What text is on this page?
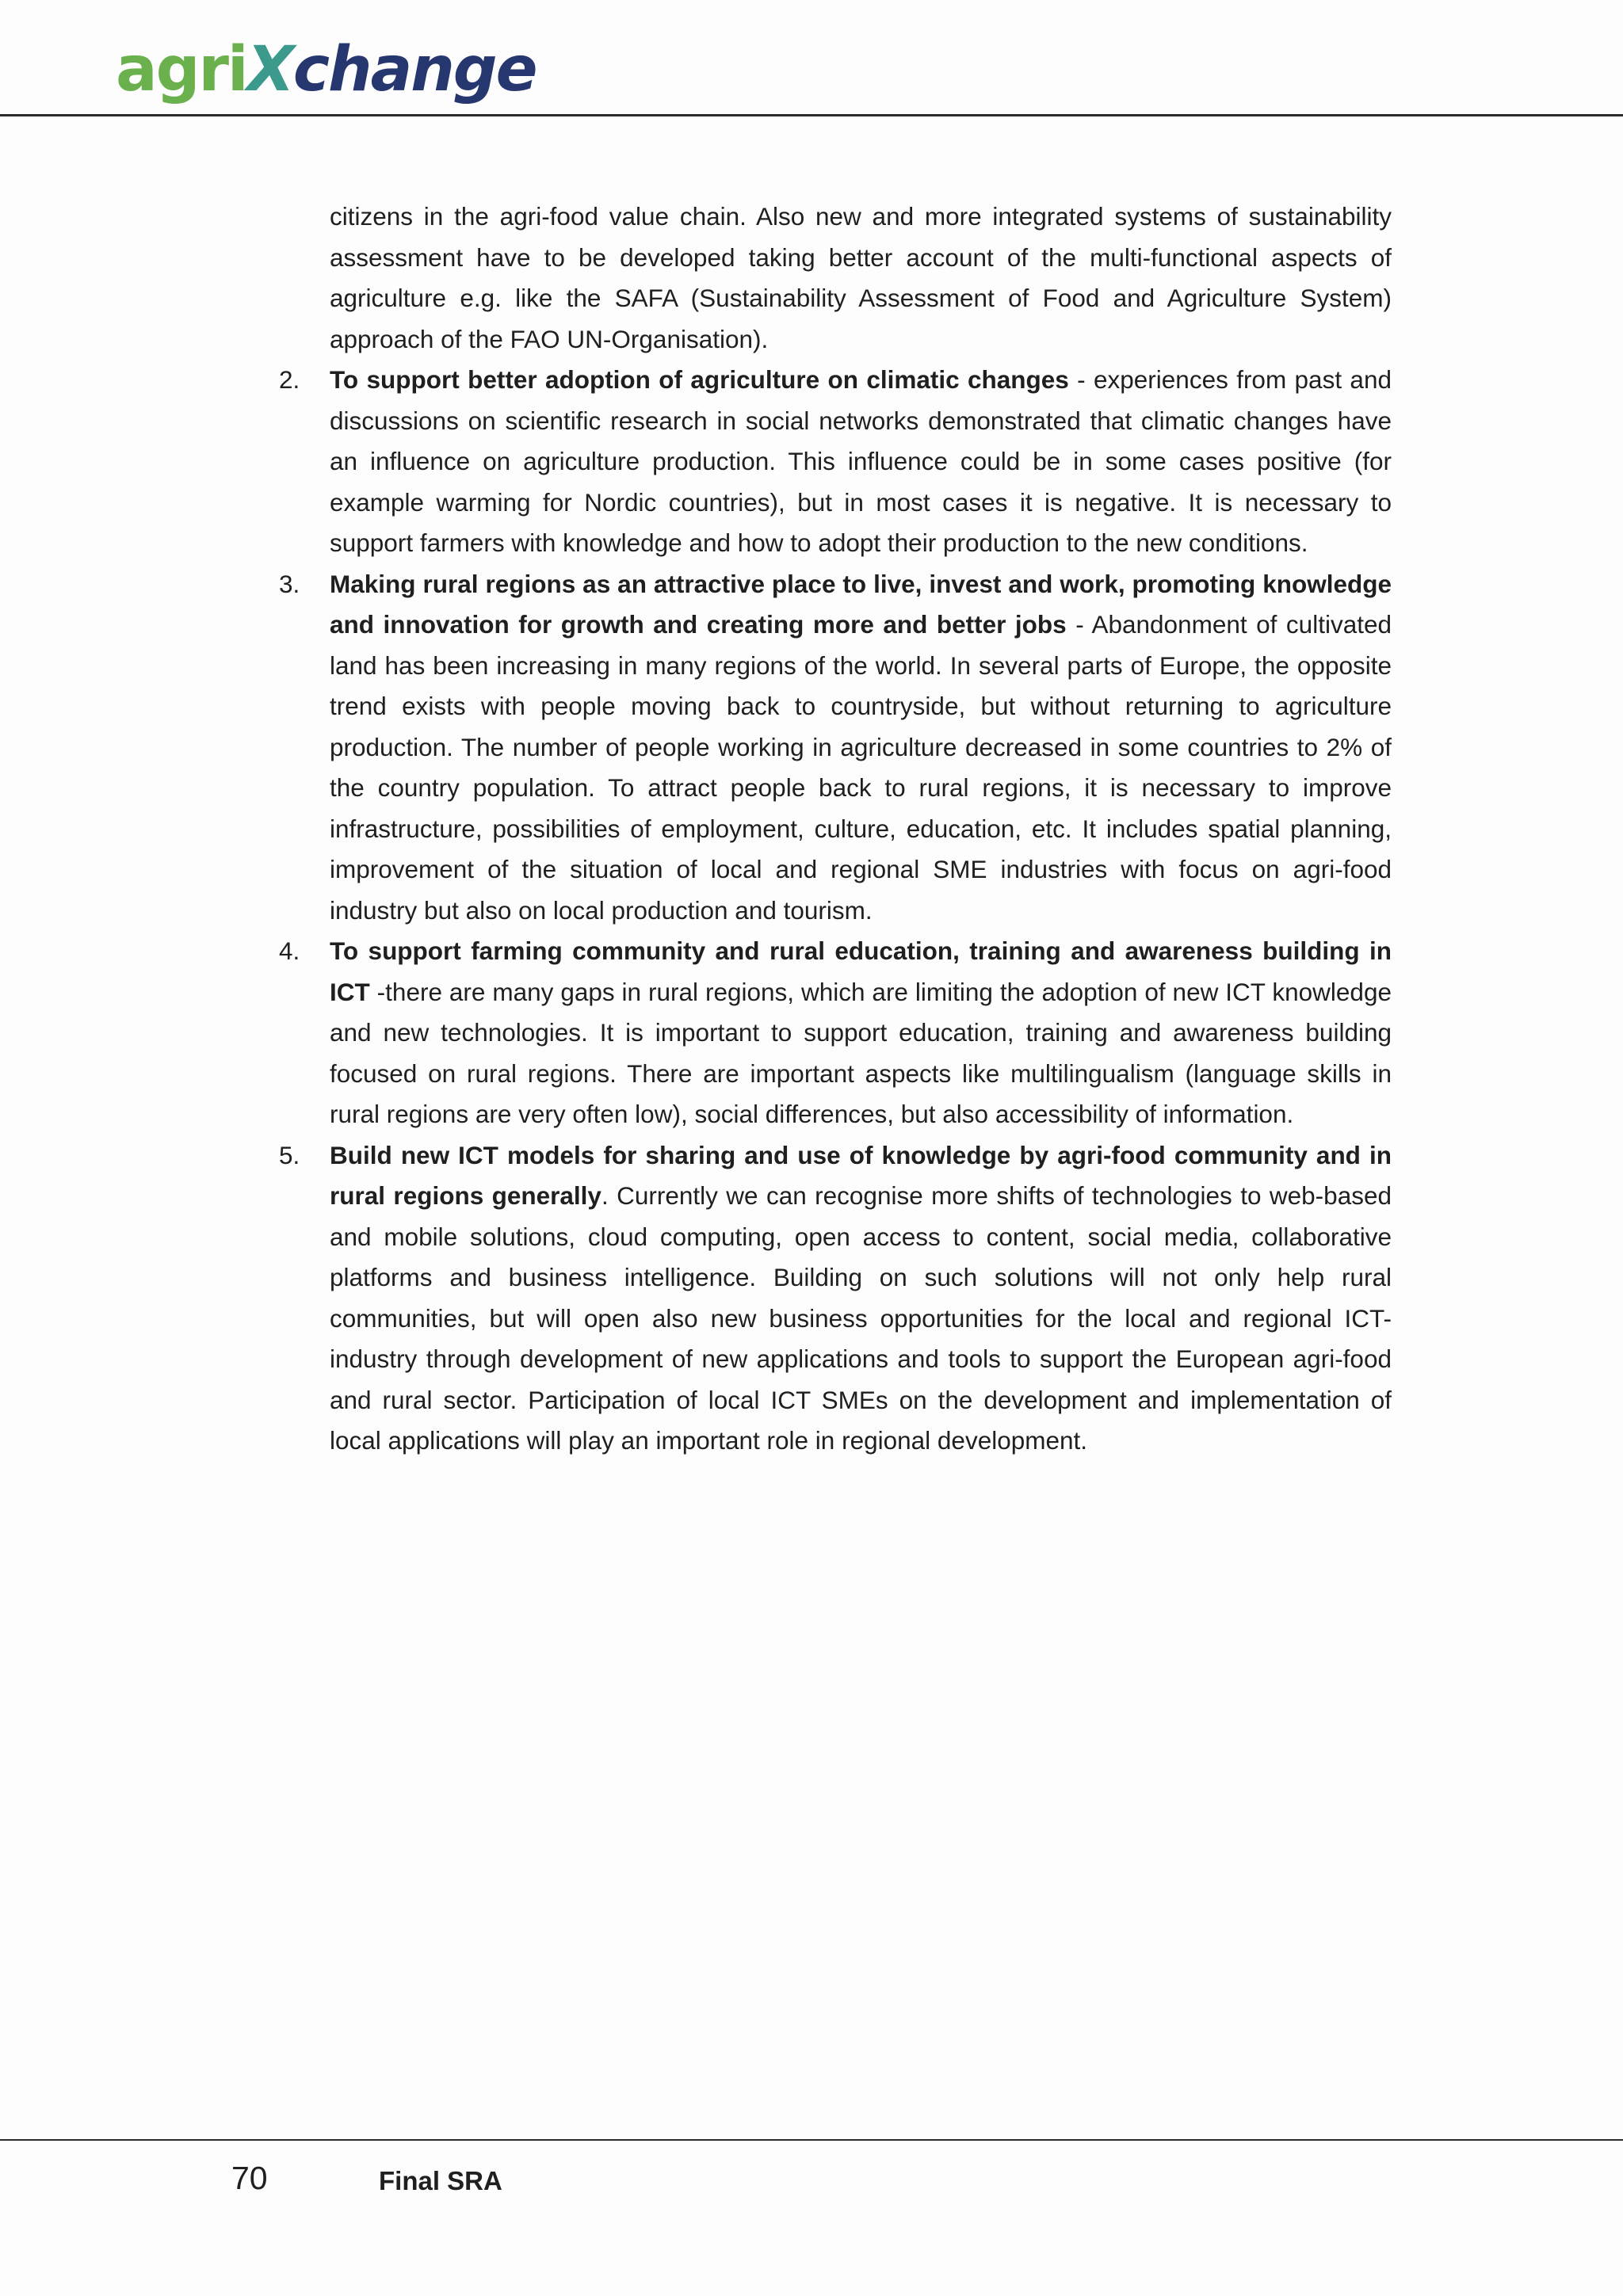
agriXchange

citizens in the agri-food value chain. Also new and more integrated systems of sustainability assessment have to be developed taking better account of the multi-functional aspects of agriculture e.g. like the SAFA (Sustainability Assessment of Food and Agriculture System) approach of the FAO UN-Organisation).

2. To support better adoption of agriculture on climatic changes - experiences from past and discussions on scientific research in social networks demonstrated that climatic changes have an influence on agriculture production. This influence could be in some cases positive (for example warming for Nordic countries), but in most cases it is negative. It is necessary to support farmers with knowledge and how to adopt their production to the new conditions.

3. Making rural regions as an attractive place to live, invest and work, promoting knowledge and innovation for growth and creating more and better jobs - Abandonment of cultivated land has been increasing in many regions of the world. In several parts of Europe, the opposite trend exists with people moving back to countryside, but without returning to agriculture production. The number of people working in agriculture decreased in some countries to 2% of the country population. To attract people back to rural regions, it is necessary to improve infrastructure, possibilities of employment, culture, education, etc. It includes spatial planning, improvement of the situation of local and regional SME industries with focus on agri-food industry but also on local production and tourism.

4. To support farming community and rural education, training and awareness building in ICT -there are many gaps in rural regions, which are limiting the adoption of new ICT knowledge and new technologies. It is important to support education, training and awareness building focused on rural regions. There are important aspects like multilingualism (language skills in rural regions are very often low), social differences, but also accessibility of information.

5. Build new ICT models for sharing and use of knowledge by agri-food community and in rural regions generally. Currently we can recognise more shifts of technologies to web-based and mobile solutions, cloud computing, open access to content, social media, collaborative platforms and business intelligence. Building on such solutions will not only help rural communities, but will open also new business opportunities for the local and regional ICT-industry through development of new applications and tools to support the European agri-food and rural sector. Participation of local ICT SMEs on the development and implementation of local applications will play an important role in regional development.

70	Final SRA
